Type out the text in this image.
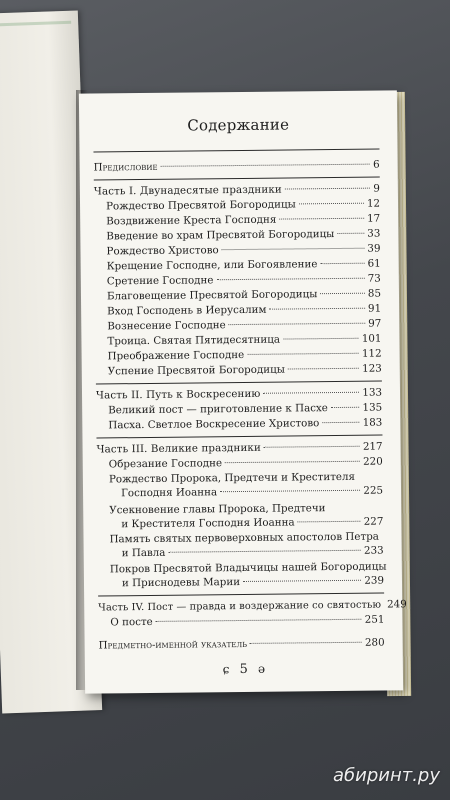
Содержание
Предисловие	6
Часть I. Двунадесятые праздники	9
Рождество Пресвятой Богородицы	12
Воздвижение Креста Господня	17
Введение во храм Пресвятой Богородицы	33
Рождество Христово	39
Крещение Господне, или Богоявление	61
Сретение Господне	73
Благовещение Пресвятой Богородицы	85
Вход Господень в Иерусалим	91
Вознесение Господне	97
Троица. Святая Пятидесятница	101
Преображение Господне	112
Успение Пресвятой Богородицы	123
Часть II. Путь к Воскресению	133
Великий пост — приготовление к Пасхе	135
Пасха. Светлое Воскресение Христово	183
Часть III. Великие праздники	217
Обрезание Господне	220
Рождество Пророка, Предтечи и Крестителя
Господня Иоанна	225
Усекновение главы Пророка, Предтечи
и Крестителя Господня Иоанна	227
Память святых первоверховных апостолов Петра
и Павла	233
Покров Пресвятой Владычицы нашей Богородицы
и Приснодевы Марии	239
Часть IV. Пост — правда и воздержание со святостью 249
О посте	251
Предметно-именной указатель	280
ɕ 5 ə
абиринт.ру
